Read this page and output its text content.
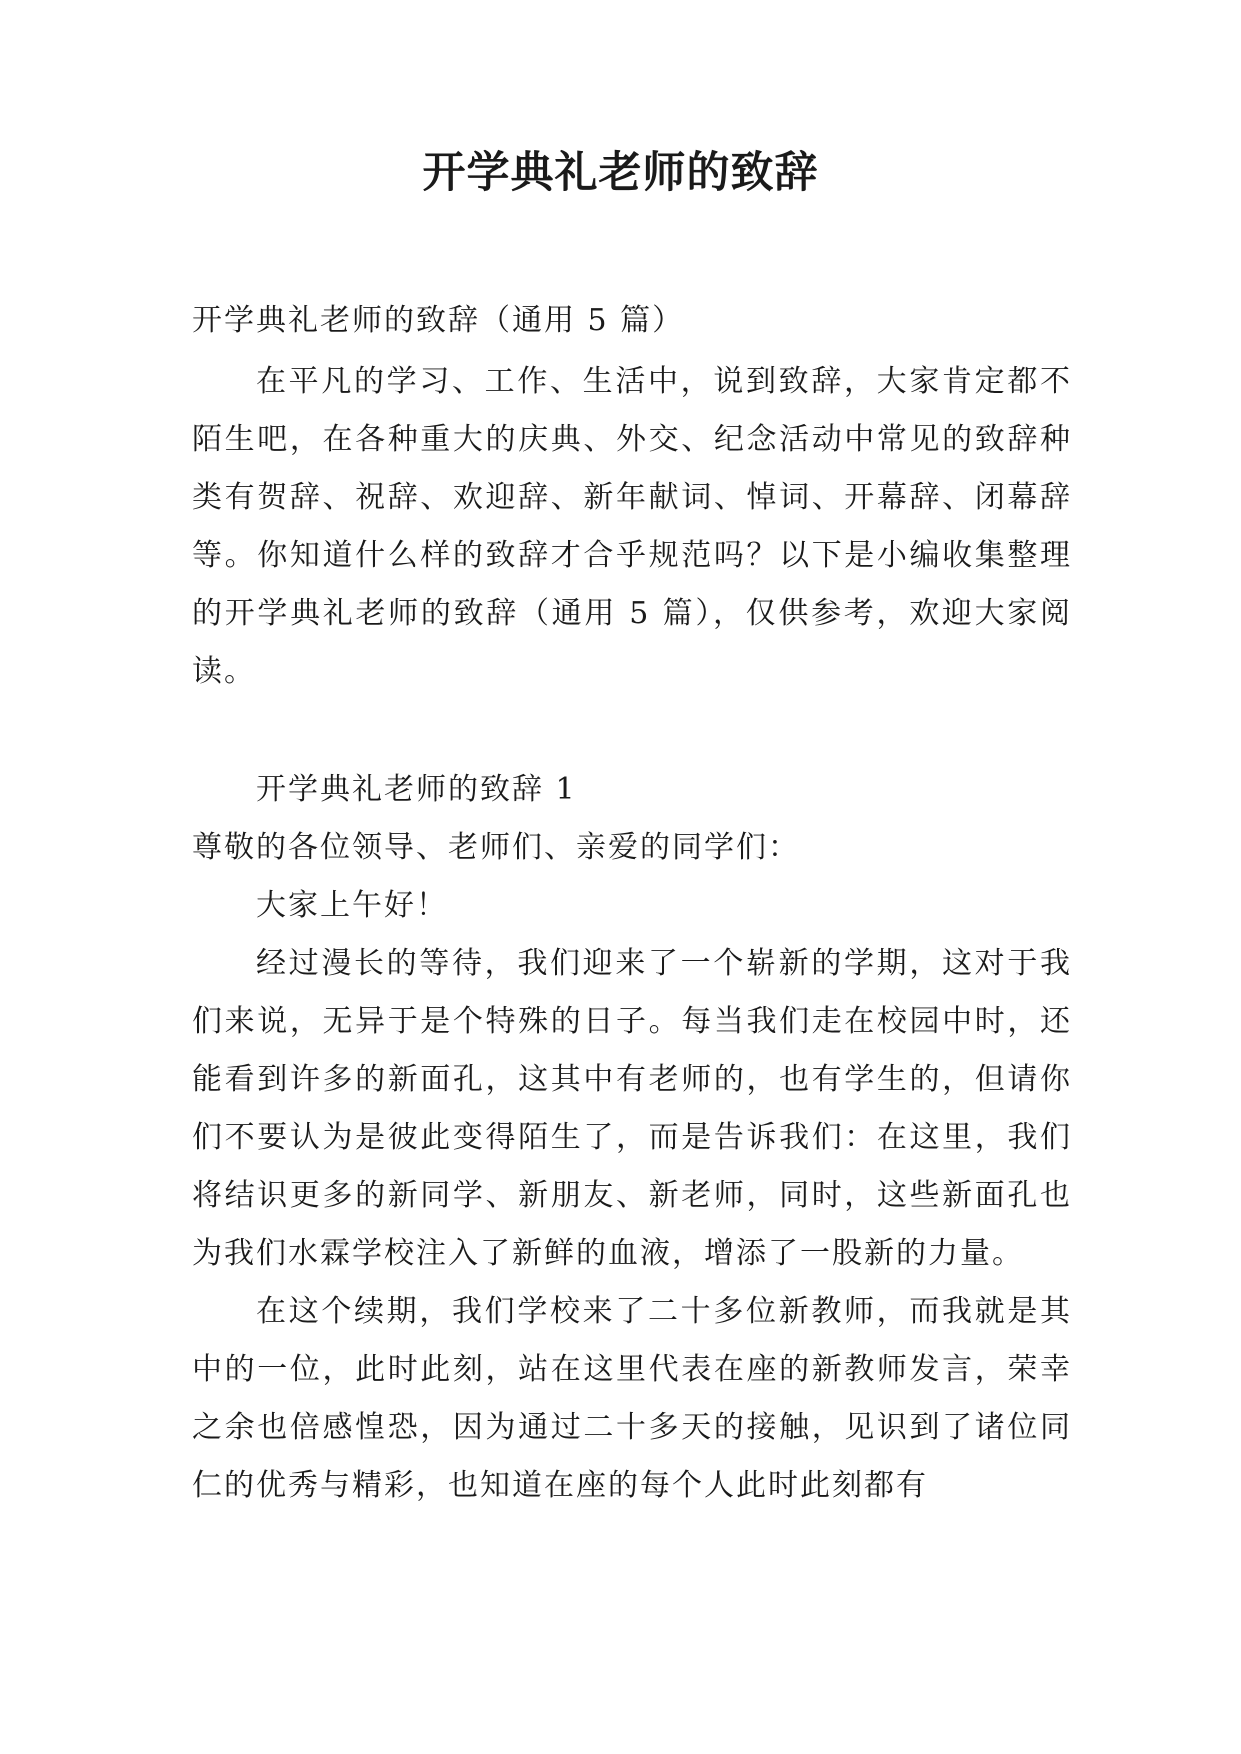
开学典礼老师的致辞

开学典礼老师的致辞（通用 5 篇）

在平凡的学习、工作、生活中，说到致辞，大家肯定都不陌生吧，在各种重大的庆典、外交、纪念活动中常见的致辞种类有贺辞、祝辞、欢迎辞、新年献词、悼词、开幕辞、闭幕辞等。你知道什么样的致辞才合乎规范吗？以下是小编收集整理的开学典礼老师的致辞（通用 5 篇），仅供参考，欢迎大家阅读。

开学典礼老师的致辞 1

尊敬的各位领导、老师们、亲爱的同学们：

大家上午好！

经过漫长的等待，我们迎来了一个崭新的学期，这对于我们来说，无异于是个特殊的日子。每当我们走在校园中时，还能看到许多的新面孔，这其中有老师的，也有学生的，但请你们不要认为是彼此变得陌生了，而是告诉我们：在这里，我们将结识更多的新同学、新朋友、新老师，同时，这些新面孔也为我们水霖学校注入了新鲜的血液，增添了一股新的力量。

在这个续期，我们学校来了二十多位新教师，而我就是其中的一位，此时此刻，站在这里代表在座的新教师发言，荣幸之余也倍感惶恐，因为通过二十多天的接触，见识到了诸位同仁的优秀与精彩，也知道在座的每个人此时此刻都有
